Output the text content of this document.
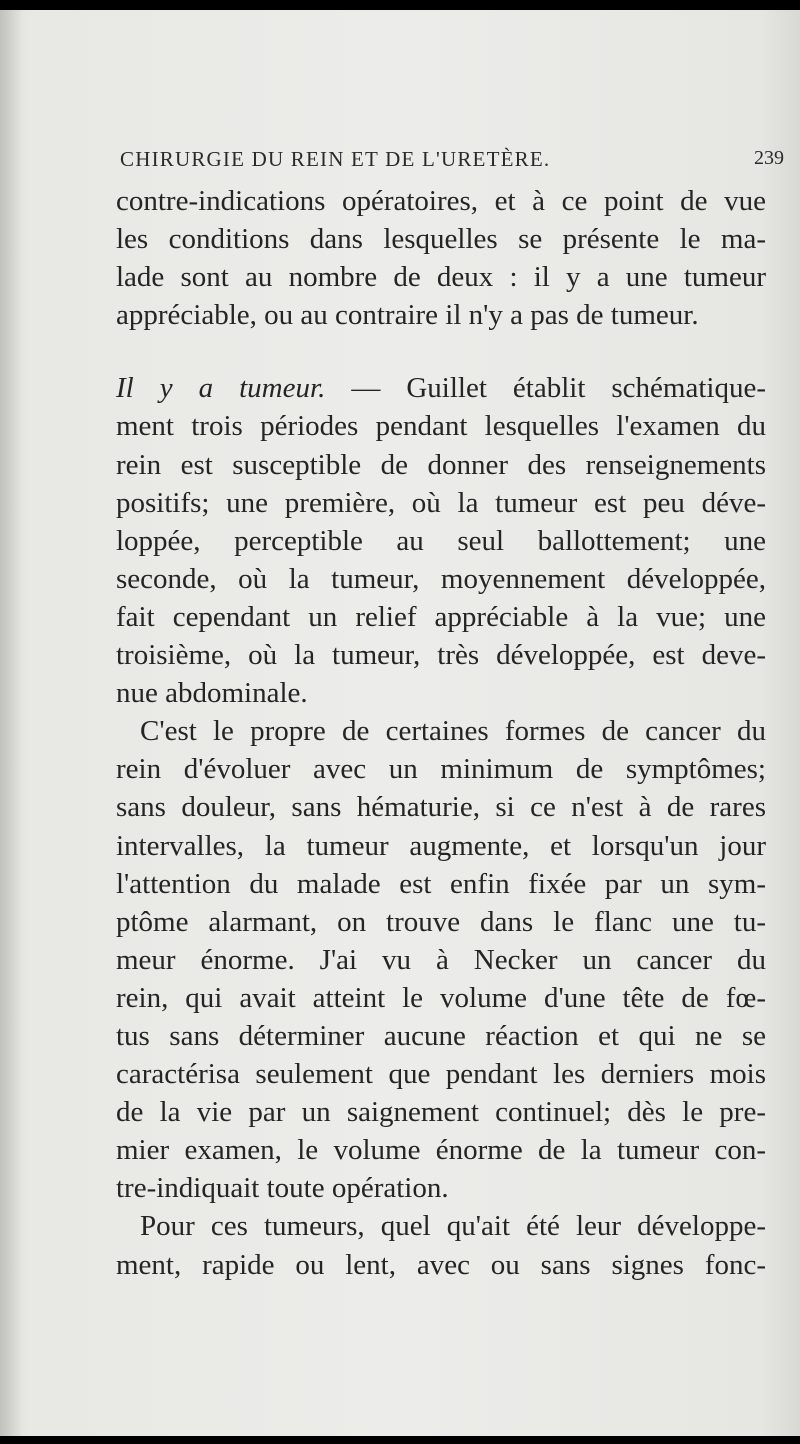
CHIRURGIE DU REIN ET DE L'URETÈRE.	239
contre-indications opératoires, et à ce point de vue
les conditions dans lesquelles se présente le ma-
lade sont au nombre de deux : il y a une tumeur
appréciable, ou au contraire il n'y a pas de tumeur.
Il y a tumeur. — Guillet établit schématique-
ment trois périodes pendant lesquelles l'examen du
rein est susceptible de donner des renseignements
positifs; une première, où la tumeur est peu déve-
loppée, perceptible au seul ballottement; une
seconde, où la tumeur, moyennement développée,
fait cependant un relief appréciable à la vue; une
troisième, où la tumeur, très développée, est deve-
nue abdominale.
C'est le propre de certaines formes de cancer du
rein d'évoluer avec un minimum de symptômes;
sans douleur, sans hématurie, si ce n'est à de rares
intervalles, la tumeur augmente, et lorsqu'un jour
l'attention du malade est enfin fixée par un sym-
ptôme alarmant, on trouve dans le flanc une tu-
meur énorme. J'ai vu à Necker un cancer du
rein, qui avait atteint le volume d'une tête de fœ-
tus sans déterminer aucune réaction et qui ne se
caractérisa seulement que pendant les derniers mois
de la vie par un saignement continuel; dès le pre-
mier examen, le volume énorme de la tumeur con-
tre-indiquait toute opération.
Pour ces tumeurs, quel qu'ait été leur développe-
ment, rapide ou lent, avec ou sans signes fonc-
